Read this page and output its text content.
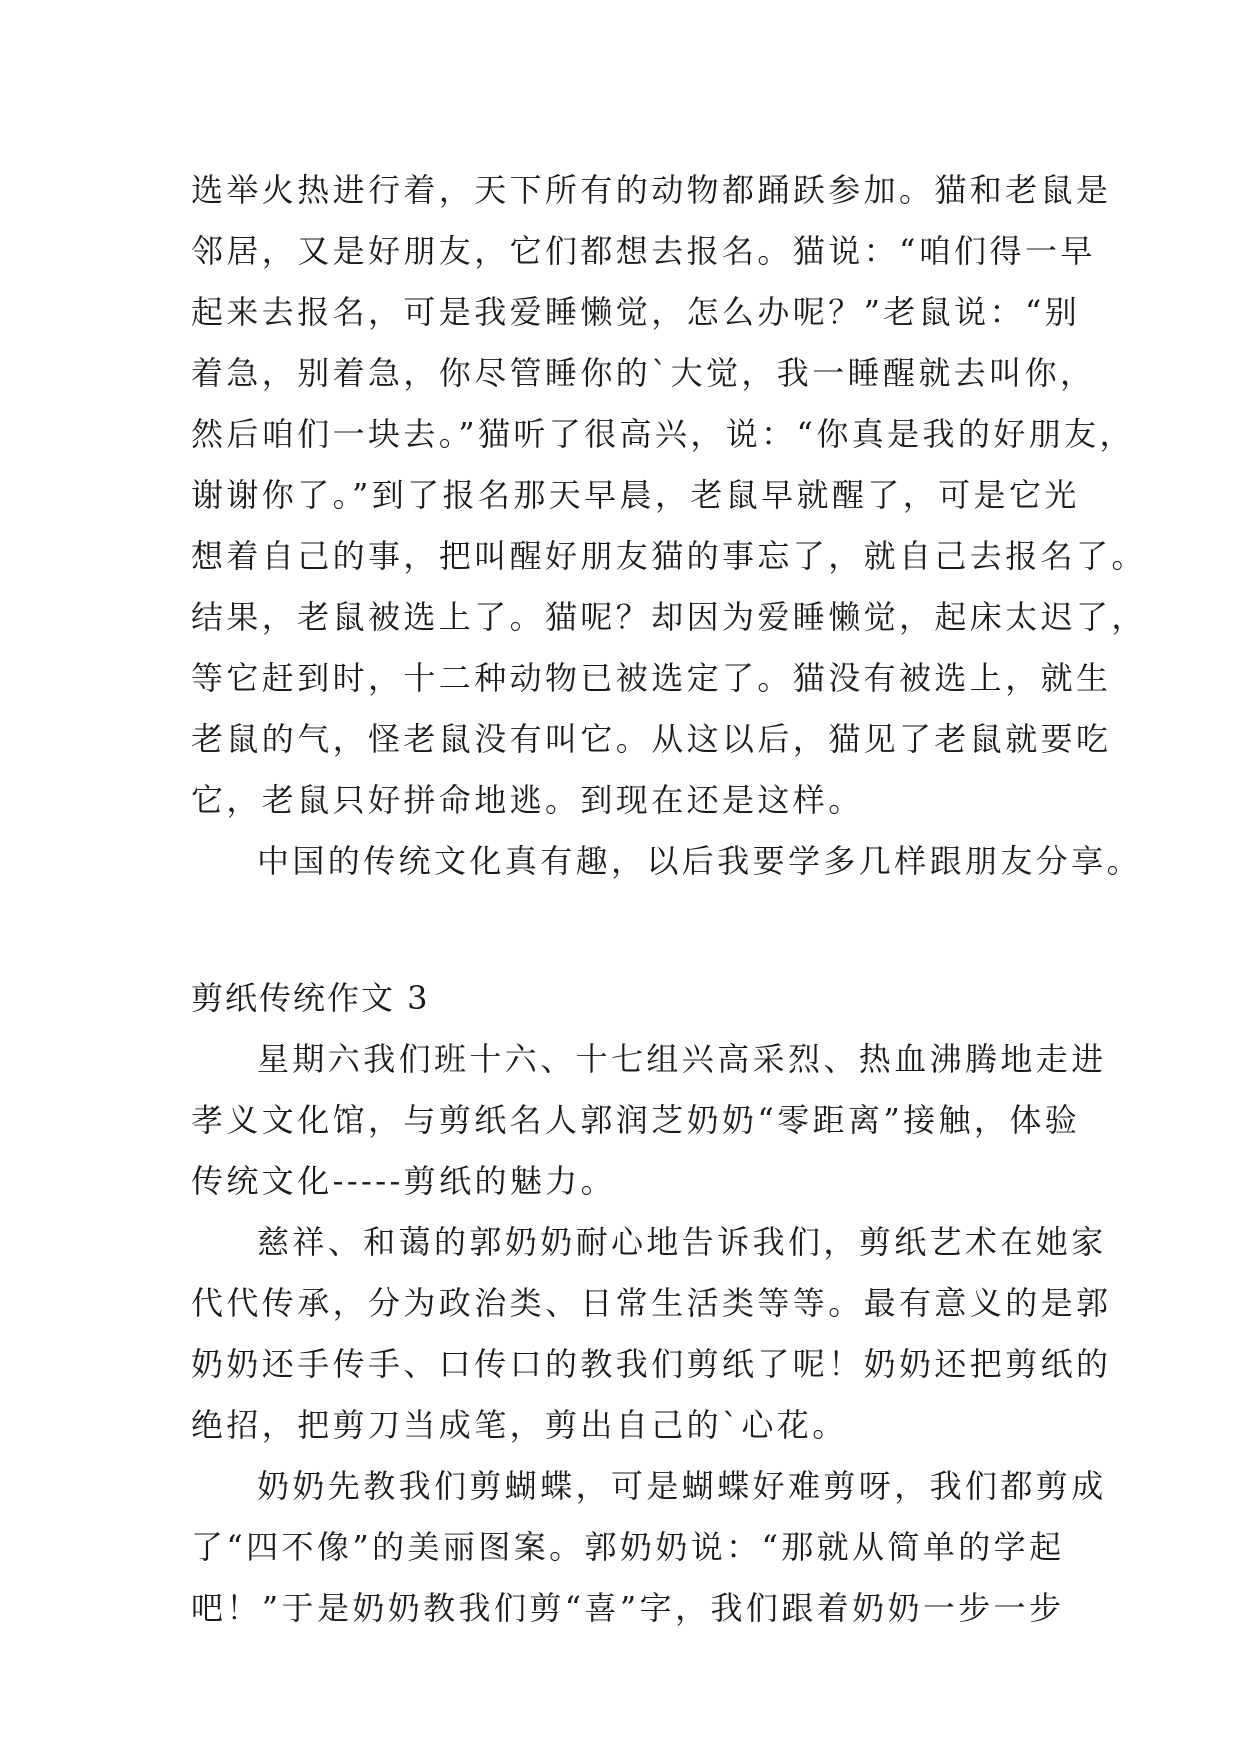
选举火热进行着，天下所有的动物都踊跃参加。猫和老鼠是
邻居，又是好朋友，它们都想去报名。猫说：“咱们得一早
起来去报名，可是我爱睡懒觉，怎么办呢？”老鼠说：“别
着急，别着急，你尽管睡你的`大觉，我一睡醒就去叫你，
然后咱们一块去。”猫听了很高兴，说：“你真是我的好朋友，
谢谢你了。”到了报名那天早晨，老鼠早就醒了，可是它光
想着自己的事，把叫醒好朋友猫的事忘了，就自己去报名了。
结果，老鼠被选上了。猫呢？却因为爱睡懒觉，起床太迟了，
等它赶到时，十二种动物已被选定了。猫没有被选上，就生
老鼠的气，怪老鼠没有叫它。从这以后，猫见了老鼠就要吃
它，老鼠只好拼命地逃。到现在还是这样。
中国的传统文化真有趣，以后我要学多几样跟朋友分享。
剪纸传统作文 3
星期六我们班十六、十七组兴高采烈、热血沸腾地走进
孝义文化馆，与剪纸名人郭润芝奶奶“零距离”接触，体验
传统文化-----剪纸的魅力。
慈祥、和蔼的郭奶奶耐心地告诉我们，剪纸艺术在她家
代代传承，分为政治类、日常生活类等等。最有意义的是郭
奶奶还手传手、口传口的教我们剪纸了呢！奶奶还把剪纸的
绝招，把剪刀当成笔，剪出自己的`心花。
奶奶先教我们剪蝴蝶，可是蝴蝶好难剪呀，我们都剪成
了“四不像”的美丽图案。郭奶奶说：“那就从简单的学起
吧！”于是奶奶教我们剪“喜”字，我们跟着奶奶一步一步
